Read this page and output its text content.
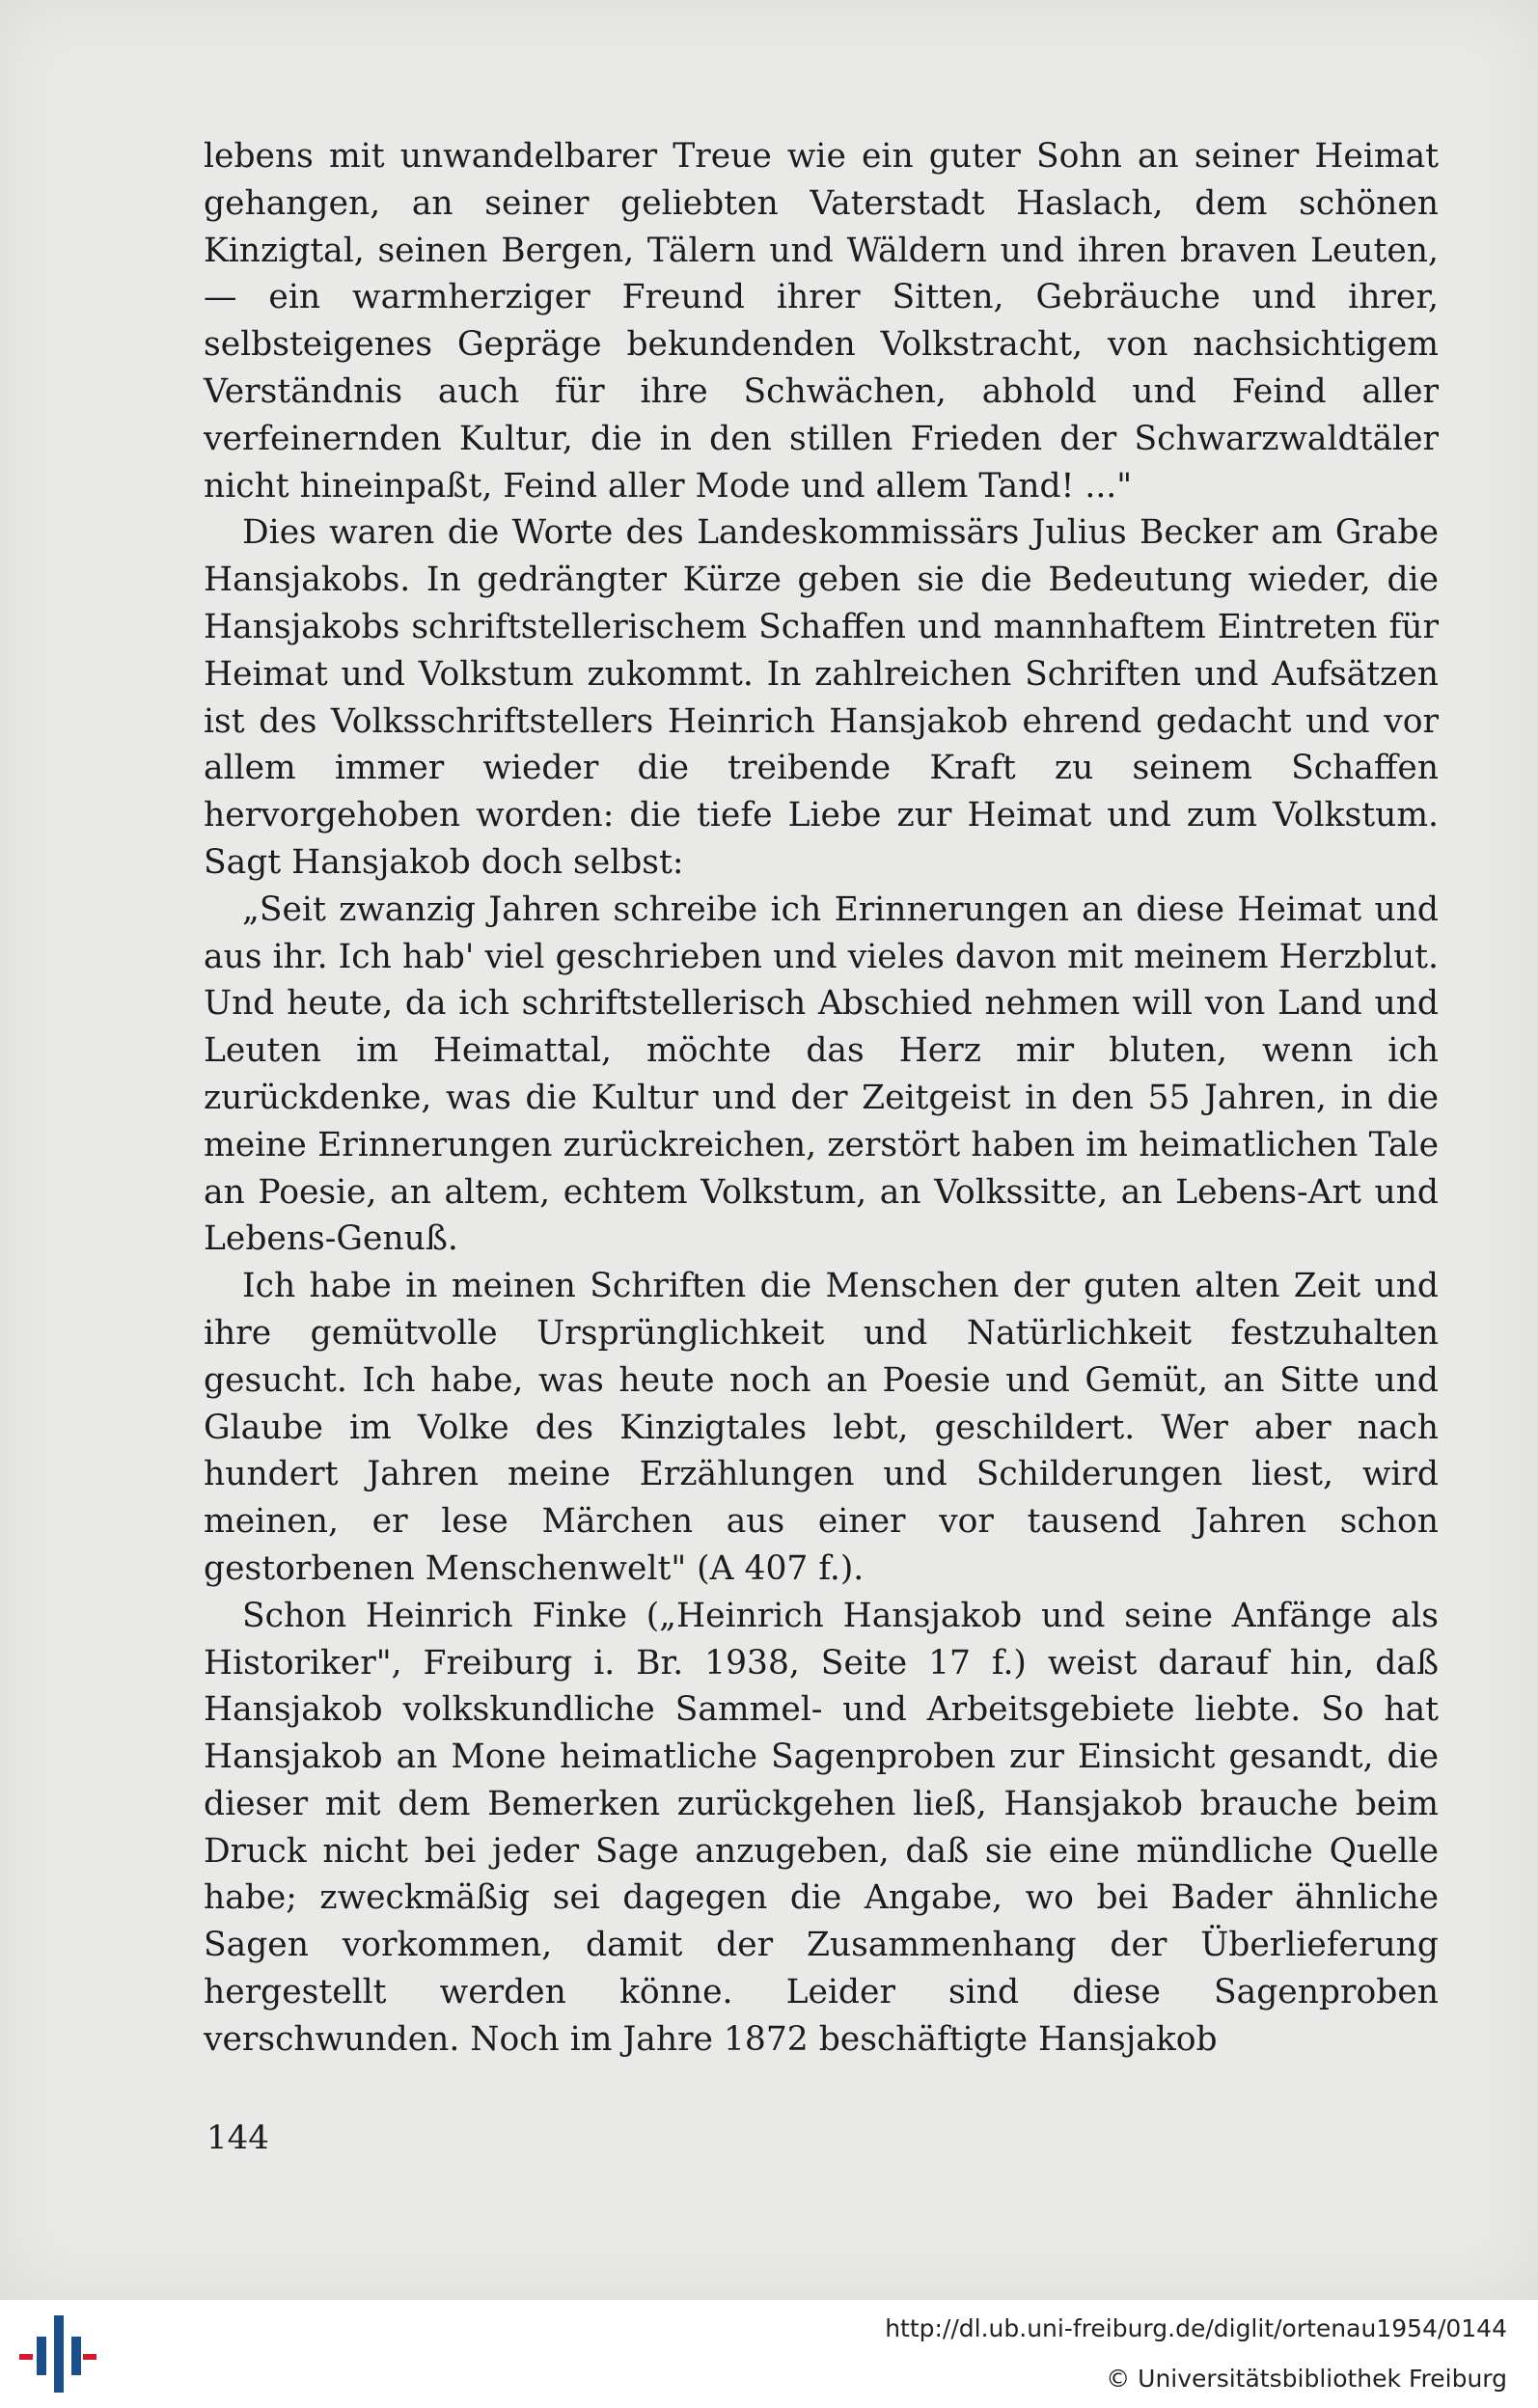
lebens mit unwandelbarer Treue wie ein guter Sohn an seiner Heimat gehangen, an seiner geliebten Vaterstadt Haslach, dem schönen Kinzigtal, seinen Bergen, Tälern und Wäldern und ihren braven Leuten, — ein warmherziger Freund ihrer Sitten, Gebräuche und ihrer, selbsteigenes Gepräge bekundenden Volkstracht, von nachsichtigem Verständnis auch für ihre Schwächen, abhold und Feind aller verfeinernden Kultur, die in den stillen Frieden der Schwarzwaldtäler nicht hineinpaßt, Feind aller Mode und allem Tand! ..."

Dies waren die Worte des Landeskommissärs Julius Becker am Grabe Hansjakobs. In gedrängter Kürze geben sie die Bedeutung wieder, die Hansjakobs schriftstellerischem Schaffen und mannhaftem Eintreten für Heimat und Volkstum zukommt. In zahlreichen Schriften und Aufsätzen ist des Volksschriftstellers Heinrich Hansjakob ehrend gedacht und vor allem immer wieder die treibende Kraft zu seinem Schaffen hervorgehoben worden: die tiefe Liebe zur Heimat und zum Volkstum. Sagt Hansjakob doch selbst:

„Seit zwanzig Jahren schreibe ich Erinnerungen an diese Heimat und aus ihr. Ich hab' viel geschrieben und vieles davon mit meinem Herzblut. Und heute, da ich schriftstellerisch Abschied nehmen will von Land und Leuten im Heimattal, möchte das Herz mir bluten, wenn ich zurückdenke, was die Kultur und der Zeitgeist in den 55 Jahren, in die meine Erinnerungen zurückreichen, zerstört haben im heimatlichen Tale an Poesie, an altem, echtem Volkstum, an Volkssitte, an Lebens-Art und Lebens-Genuß.

Ich habe in meinen Schriften die Menschen der guten alten Zeit und ihre gemütvolle Ursprünglichkeit und Natürlichkeit festzuhalten gesucht. Ich habe, was heute noch an Poesie und Gemüt, an Sitte und Glaube im Volke des Kinzigtales lebt, geschildert. Wer aber nach hundert Jahren meine Erzählungen und Schilderungen liest, wird meinen, er lese Märchen aus einer vor tausend Jahren schon gestorbenen Menschenwelt" (A 407 f.).

Schon Heinrich Finke („Heinrich Hansjakob und seine Anfänge als Historiker", Freiburg i. Br. 1938, Seite 17 f.) weist darauf hin, daß Hansjakob volkskundliche Sammel- und Arbeitsgebiete liebte. So hat Hansjakob an Mone heimatliche Sagenproben zur Einsicht gesandt, die dieser mit dem Bemerken zurückgehen ließ, Hansjakob brauche beim Druck nicht bei jeder Sage anzugeben, daß sie eine mündliche Quelle habe; zweckmäßig sei dagegen die Angabe, wo bei Bader ähnliche Sagen vorkommen, damit der Zusammenhang der Überlieferung hergestellt werden könne. Leider sind diese Sagenproben verschwunden. Noch im Jahre 1872 beschäftigte Hansjakob

144
http://dl.ub.uni-freiburg.de/diglit/ortenau1954/0144
© Universitätsbibliothek Freiburg
